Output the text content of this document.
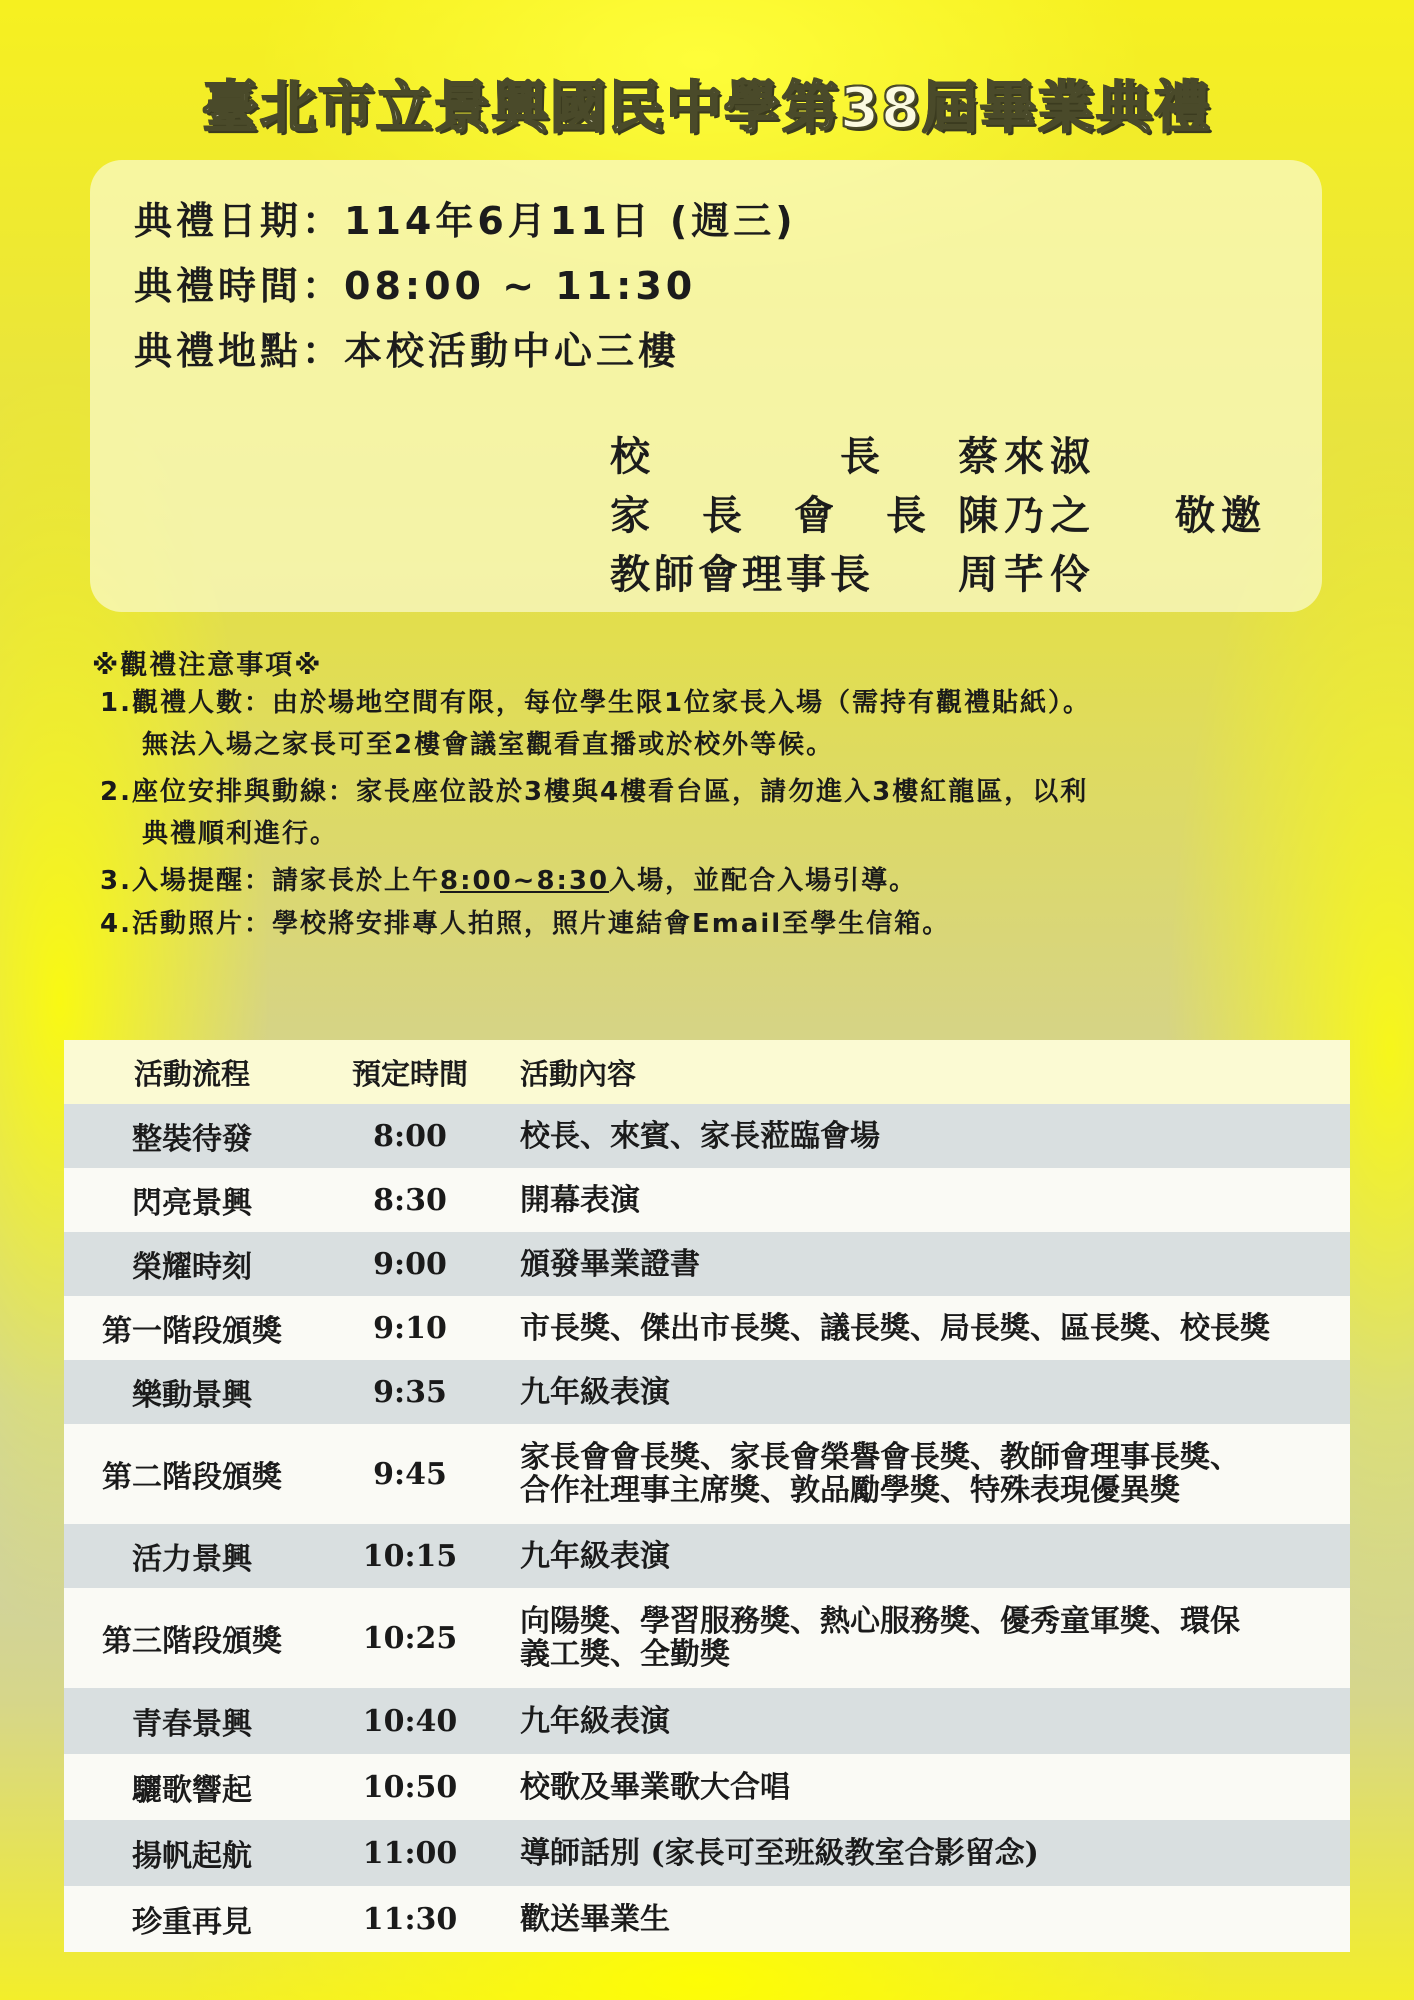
臺北市立景興國民中學第38屆畢業典禮
典禮日期：114年6月11日 (週三)
典禮時間：08:00 ~ 11:30
典禮地點：本校活動中心三樓
校　　　　長 蔡來淑
家　長　會　長 陳乃之 敬邀
教師會理事長 周芊伶
※觀禮注意事項※
1.觀禮人數：由於場地空間有限，每位學生限1位家長入場（需持有觀禮貼紙）。
無法入場之家長可至2樓會議室觀看直播或於校外等候。
2.座位安排與動線：家長座位設於3樓與4樓看台區，請勿進入3樓紅龍區，以利
典禮順利進行。
3.入場提醒：請家長於上午8:00~8:30入場，並配合入場引導。
4.活動照片：學校將安排專人拍照，照片連結會Email至學生信箱。
活動流程	預定時間	活動內容
整裝待發	8:00	校長、來賓、家長蒞臨會場

閃亮景興	8:30	開幕表演

榮耀時刻	9:00	頒發畢業證書

第一階段頒獎	9:10	市長獎、傑出市長獎、議長獎、局長獎、區長獎、校長獎

樂動景興	9:35	九年級表演

第二階段頒獎	9:45	家長會會長獎、家長會榮譽會長獎、教師會理事長獎、
合作社理事主席獎、敦品勵學獎、特殊表現優異獎

活力景興	10:15	九年級表演

第三階段頒獎	10:25	向陽獎、學習服務獎、熱心服務獎、優秀童軍獎、環保
義工獎、全勤獎

青春景興	10:40	九年級表演

驪歌響起	10:50	校歌及畢業歌大合唱

揚帆起航	11:00	導師話別 (家長可至班級教室合影留念)

珍重再見	11:30	歡送畢業生
